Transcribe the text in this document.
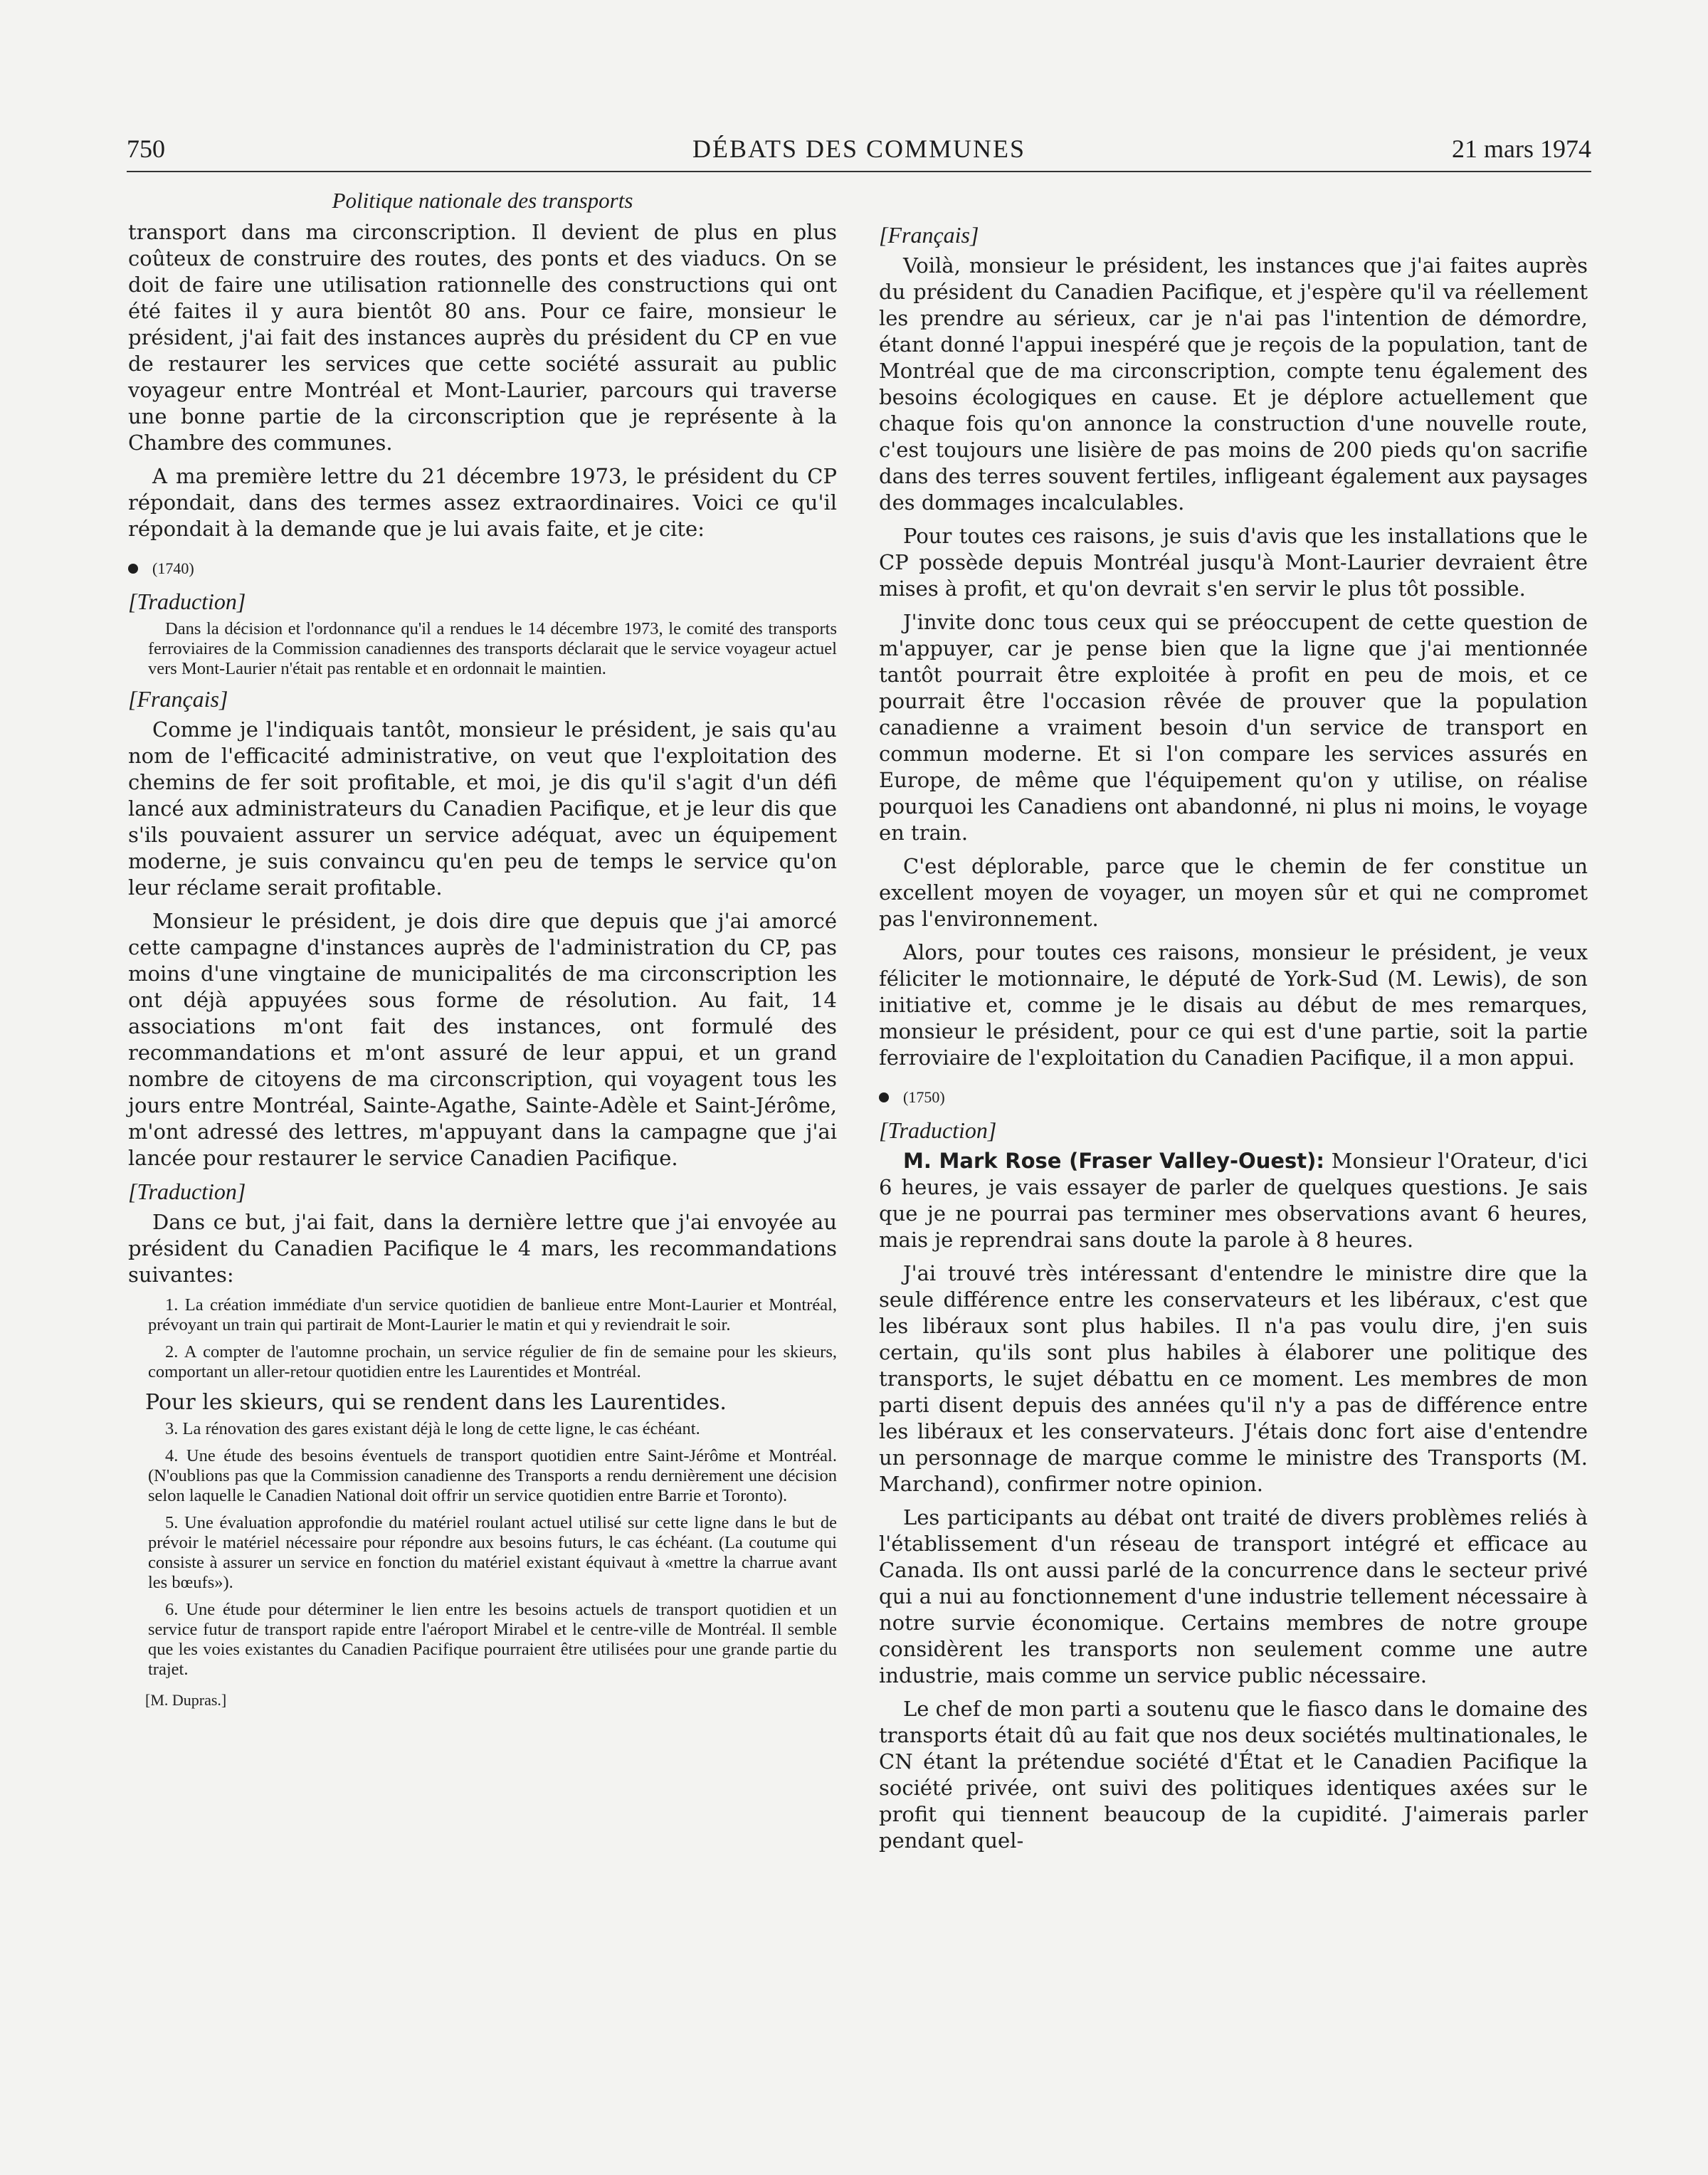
750	DÉBATS DES COMMUNES	21 mars 1974
Politique nationale des transports

transport dans ma circonscription. Il devient de plus en plus coûteux de construire des routes, des ponts et des viaducs. On se doit de faire une utilisation rationnelle des constructions qui ont été faites il y aura bientôt 80 ans. Pour ce faire, monsieur le président, j'ai fait des instances auprès du président du CP en vue de restaurer les services que cette société assurait au public voyageur entre Montréal et Mont-Laurier, parcours qui traverse une bonne partie de la circonscription que je représente à la Chambre des communes.

A ma première lettre du 21 décembre 1973, le président du CP répondait, dans des termes assez extraordinaires. Voici ce qu'il répondait à la demande que je lui avais faite, et je cite:

(1740)
[Traduction]
Dans la décision et l'ordonnance qu'il a rendues le 14 décembre 1973, le comité des transports ferroviaires de la Commission canadiennes des transports déclarait que le service voyageur actuel vers Mont-Laurier n'était pas rentable et en ordonnait le maintien.
[Français]

Comme je l'indiquais tantôt, monsieur le président, je sais qu'au nom de l'efficacité administrative, on veut que l'exploitation des chemins de fer soit profitable, et moi, je dis qu'il s'agit d'un défi lancé aux administrateurs du Canadien Pacifique, et je leur dis que s'ils pouvaient assurer un service adéquat, avec un équipement moderne, je suis convaincu qu'en peu de temps le service qu'on leur réclame serait profitable.

Monsieur le président, je dois dire que depuis que j'ai amorcé cette campagne d'instances auprès de l'administration du CP, pas moins d'une vingtaine de municipalités de ma circonscription les ont déjà appuyées sous forme de résolution. Au fait, 14 associations m'ont fait des instances, ont formulé des recommandations et m'ont assuré de leur appui, et un grand nombre de citoyens de ma circonscription, qui voyagent tous les jours entre Montréal, Sainte-Agathe, Sainte-Adèle et Saint-Jérôme, m'ont adressé des lettres, m'appuyant dans la campagne que j'ai lancée pour restaurer le service Canadien Pacifique.

[Traduction]

Dans ce but, j'ai fait, dans la dernière lettre que j'ai envoyée au président du Canadien Pacifique le 4 mars, les recommandations suivantes:

1. La création immédiate d'un service quotidien de banlieue entre Mont-Laurier et Montréal, prévoyant un train qui partirait de Mont-Laurier le matin et qui y reviendrait le soir.
2. A compter de l'automne prochain, un service régulier de fin de semaine pour les skieurs, comportant un aller-retour quotidien entre les Laurentides et Montréal.
Pour les skieurs, qui se rendent dans les Laurentides.
3. La rénovation des gares existant déjà le long de cette ligne, le cas échéant.
4. Une étude des besoins éventuels de transport quotidien entre Saint-Jérôme et Montréal. (N'oublions pas que la Commission canadienne des Transports a rendu dernièrement une décision selon laquelle le Canadien National doit offrir un service quotidien entre Barrie et Toronto).
5. Une évaluation approfondie du matériel roulant actuel utilisé sur cette ligne dans le but de prévoir le matériel nécessaire pour répondre aux besoins futurs, le cas échéant. (La coutume qui consiste à assurer un service en fonction du matériel existant équivaut à «mettre la charrue avant les bœufs»).
6. Une étude pour déterminer le lien entre les besoins actuels de transport quotidien et un service futur de transport rapide entre l'aéroport Mirabel et le centre-ville de Montréal. Il semble que les voies existantes du Canadien Pacifique pourraient être utilisées pour une grande partie du trajet.
[M. Dupras.]
[Français]

Voilà, monsieur le président, les instances que j'ai faites auprès du président du Canadien Pacifique, et j'espère qu'il va réellement les prendre au sérieux, car je n'ai pas l'intention de démordre, étant donné l'appui inespéré que je reçois de la population, tant de Montréal que de ma circonscription, compte tenu également des besoins écologiques en cause. Et je déplore actuellement que chaque fois qu'on annonce la construction d'une nouvelle route, c'est toujours une lisière de pas moins de 200 pieds qu'on sacrifie dans des terres souvent fertiles, infligeant également aux paysages des dommages incalculables.

Pour toutes ces raisons, je suis d'avis que les installations que le CP possède depuis Montréal jusqu'à Mont-Laurier devraient être mises à profit, et qu'on devrait s'en servir le plus tôt possible.

J'invite donc tous ceux qui se préoccupent de cette question de m'appuyer, car je pense bien que la ligne que j'ai mentionnée tantôt pourrait être exploitée à profit en peu de mois, et ce pourrait être l'occasion rêvée de prouver que la population canadienne a vraiment besoin d'un service de transport en commun moderne. Et si l'on compare les services assurés en Europe, de même que l'équipement qu'on y utilise, on réalise pourquoi les Canadiens ont abandonné, ni plus ni moins, le voyage en train.

C'est déplorable, parce que le chemin de fer constitue un excellent moyen de voyager, un moyen sûr et qui ne compromet pas l'environnement.

Alors, pour toutes ces raisons, monsieur le président, je veux féliciter le motionnaire, le député de York-Sud (M. Lewis), de son initiative et, comme je le disais au début de mes remarques, monsieur le président, pour ce qui est d'une partie, soit la partie ferroviaire de l'exploitation du Canadien Pacifique, il a mon appui.

(1750)
[Traduction]

M. Mark Rose (Fraser Valley-Ouest): Monsieur l'Orateur, d'ici 6 heures, je vais essayer de parler de quelques questions. Je sais que je ne pourrai pas terminer mes observations avant 6 heures, mais je reprendrai sans doute la parole à 8 heures.

J'ai trouvé très intéressant d'entendre le ministre dire que la seule différence entre les conservateurs et les libéraux, c'est que les libéraux sont plus habiles. Il n'a pas voulu dire, j'en suis certain, qu'ils sont plus habiles à élaborer une politique des transports, le sujet débattu en ce moment. Les membres de mon parti disent depuis des années qu'il n'y a pas de différence entre les libéraux et les conservateurs. J'étais donc fort aise d'entendre un personnage de marque comme le ministre des Transports (M. Marchand), confirmer notre opinion.

Les participants au débat ont traité de divers problèmes reliés à l'établissement d'un réseau de transport intégré et efficace au Canada. Ils ont aussi parlé de la concurrence dans le secteur privé qui a nui au fonctionnement d'une industrie tellement nécessaire à notre survie économique. Certains membres de notre groupe considèrent les transports non seulement comme une autre industrie, mais comme un service public nécessaire.

Le chef de mon parti a soutenu que le fiasco dans le domaine des transports était dû au fait que nos deux sociétés multinationales, le CN étant la prétendue société d'État et le Canadien Pacifique la société privée, ont suivi des politiques identiques axées sur le profit qui tiennent beaucoup de la cupidité. J'aimerais parler pendant quel-
